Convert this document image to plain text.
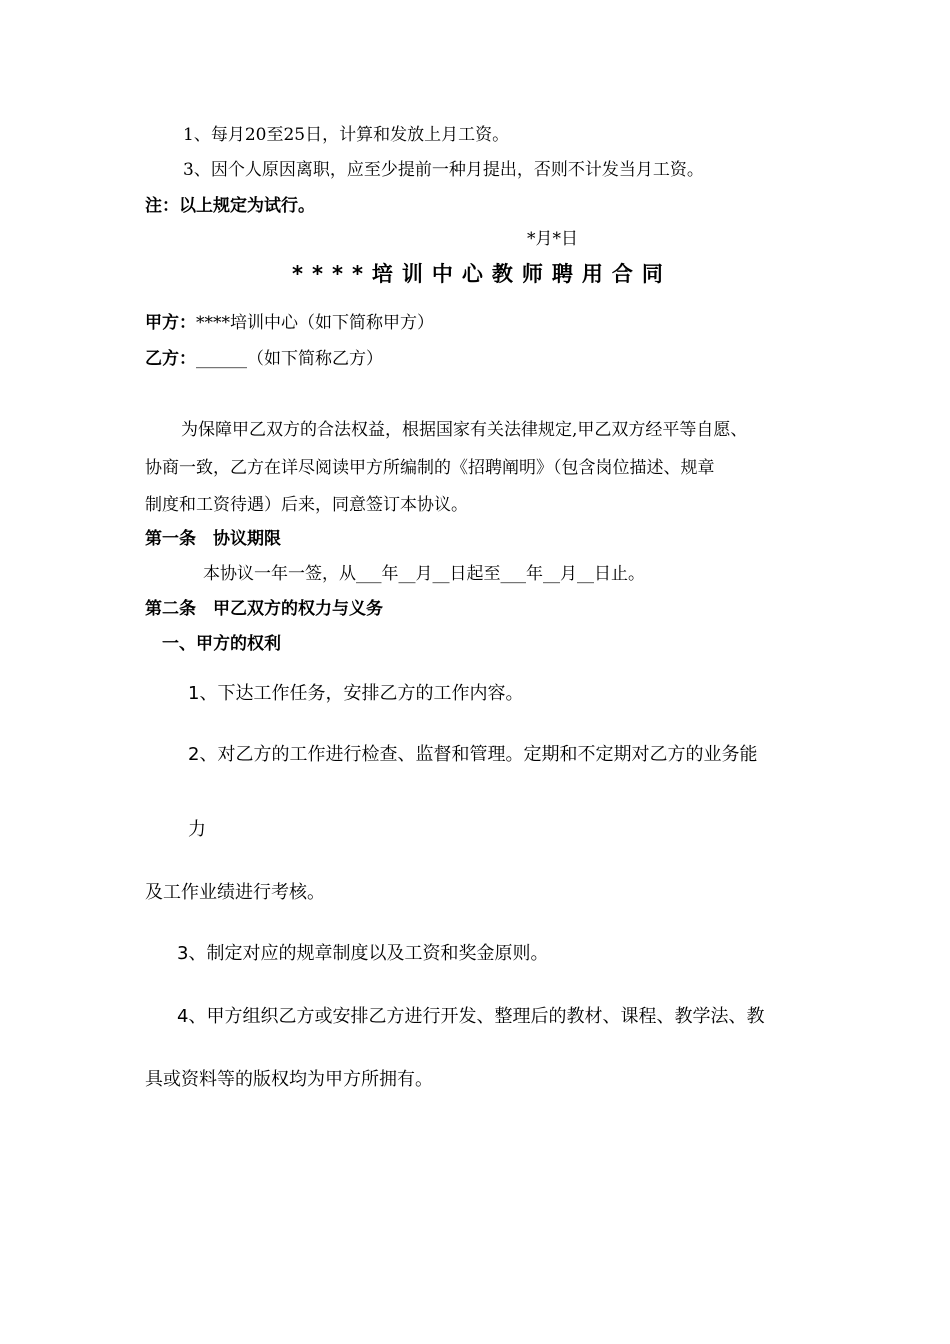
1、每月20至25日，计算和发放上月工资。
3、因个人原因离职，应至少提前一种月提出，否则不计发当月工资。
注：以上规定为试行。
*月*日
****培训中心教师聘用合同
甲方：****培训中心（如下简称甲方）
乙方：______（如下简称乙方）
为保障甲乙双方的合法权益，根据国家有关法律规定,甲乙双方经平等自愿、
协商一致，乙方在详尽阅读甲方所编制的《招聘阐明》（包含岗位描述、规章
制度和工资待遇）后来，同意签订本协议。
第一条　协议期限
本协议一年一签，从___年__月__日起至___年__月__日止。
第二条　甲乙双方的权力与义务
一、甲方的权利
1、下达工作任务，安排乙方的工作内容。
2、对乙方的工作进行检查、监督和管理。定期和不定期对乙方的业务能
力
及工作业绩进行考核。
3、制定对应的规章制度以及工资和奖金原则。
4、甲方组织乙方或安排乙方进行开发、整理后的教材、课程、教学法、教
具或资料等的版权均为甲方所拥有。
